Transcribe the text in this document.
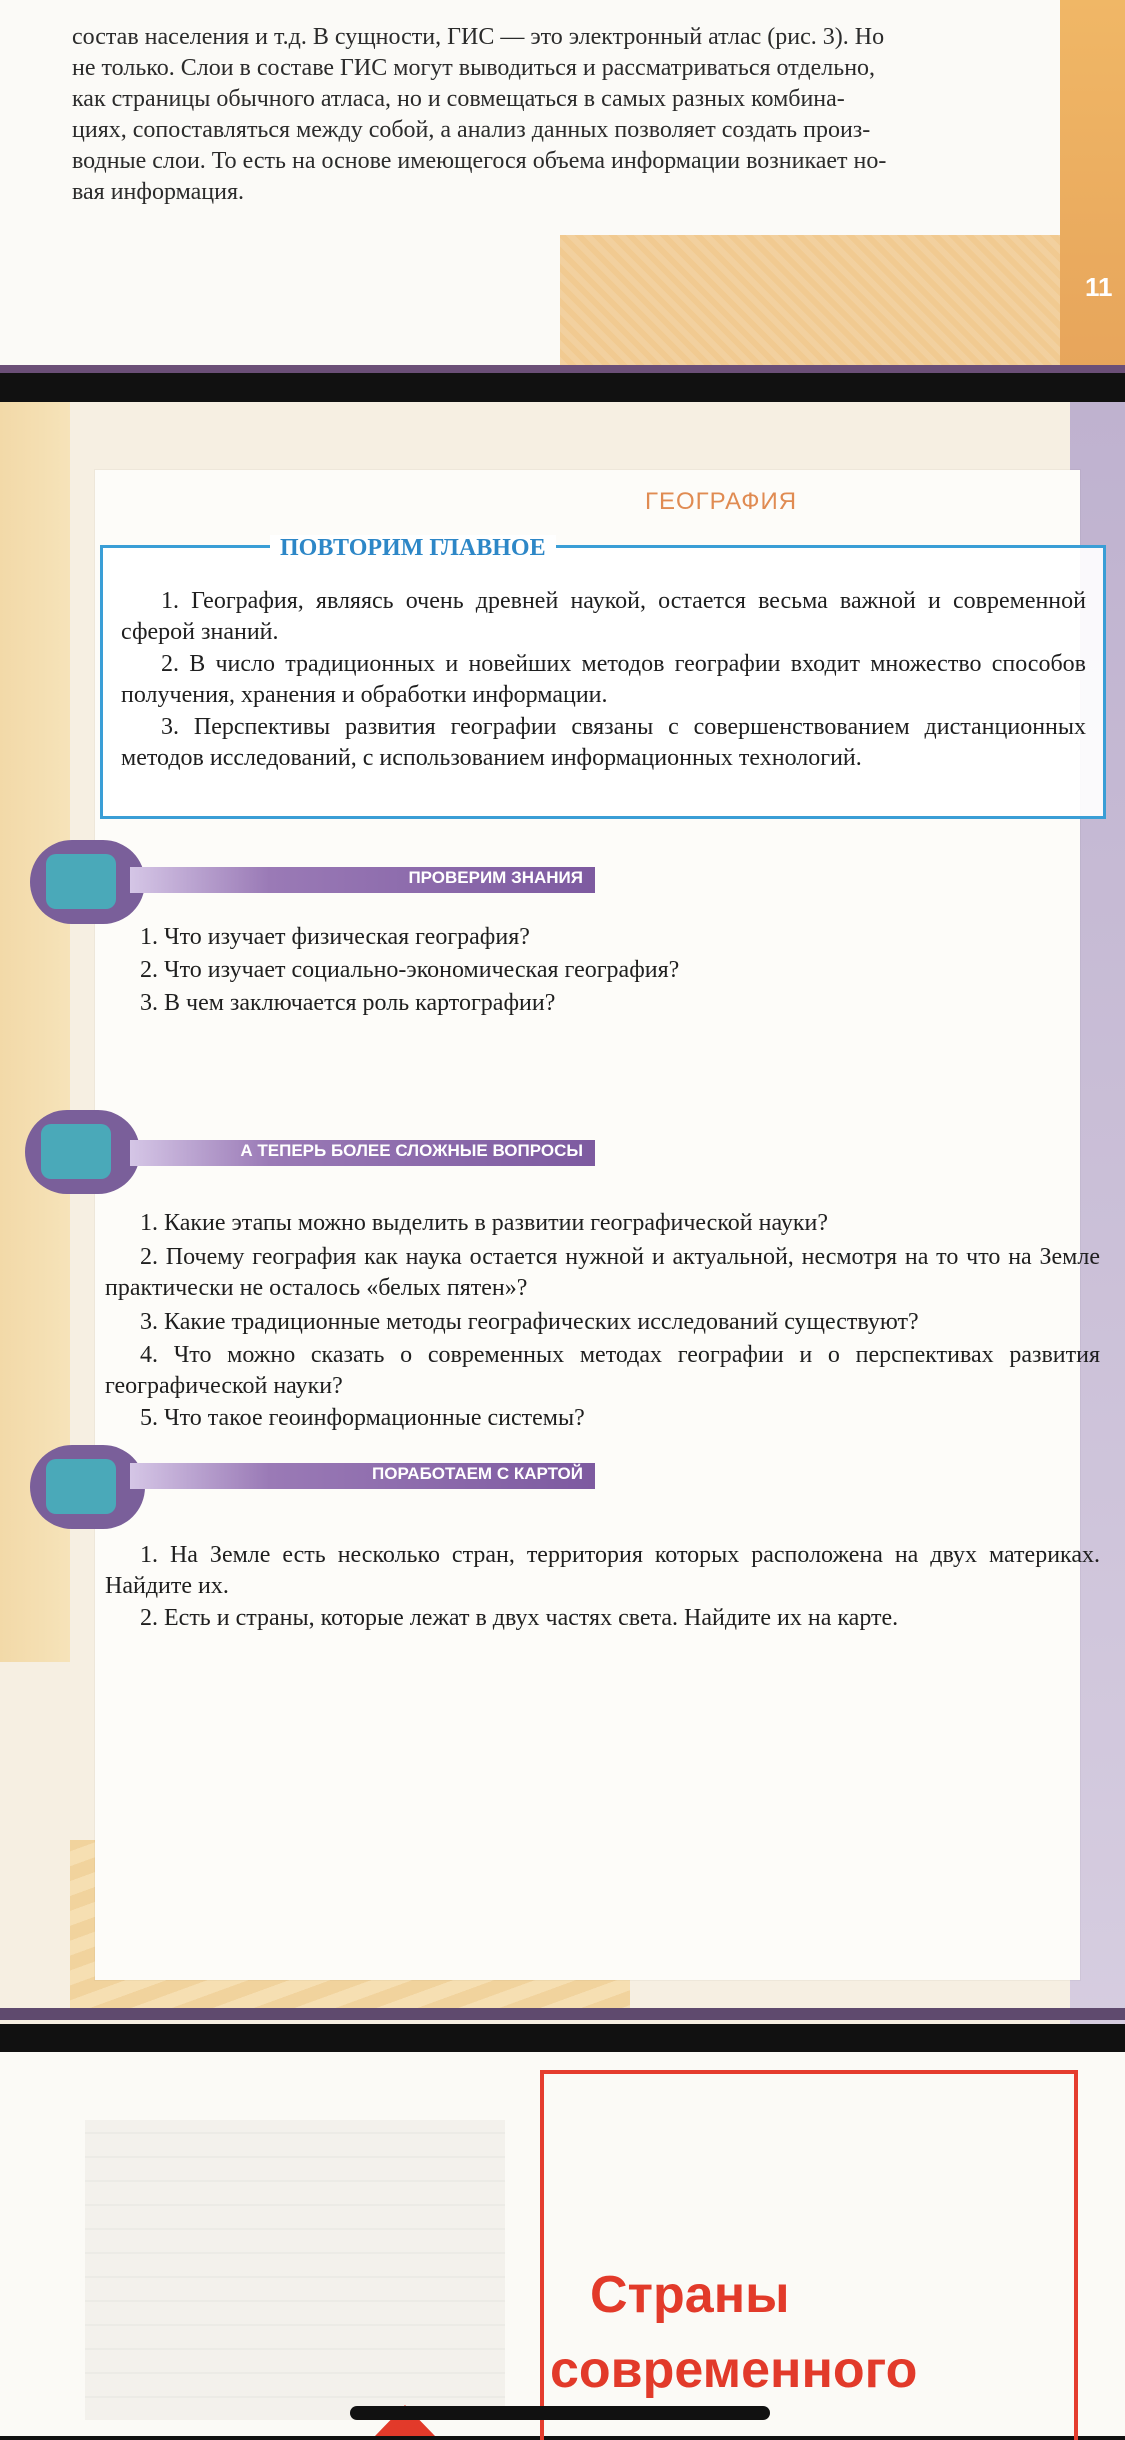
состав населения и т.д. В сущности, ГИС — это электронный атлас (рис. 3). Но

не только. Слои в составе ГИС могут выводиться и рассматриваться отдельно,

как страницы обычного атласа, но и совмещаться в самых разных комбина-

циях, сопоставляться между собой, а анализ данных позволяет создать произ-

водные слои. То есть на основе имеющегося объема информации возникает но-

вая информация.

11
ГЕОГРАФИЯ
1. География, являясь очень древней наукой, остается весьма важной и современной сферой знаний.
2. В число традиционных и новейших методов географии входит множество способов получения, хранения и обработки информации.
3. Перспективы развития географии связаны с совершенствованием дистанционных методов исследований, с использованием информационных технологий.
ПОВТОРИМ ГЛАВНОЕ
ПРОВЕРИМ ЗНАНИЯ
1. Что изучает физическая география?
2. Что изучает социально-экономическая география?
3. В чем заключается роль картографии?
А ТЕПЕРЬ БОЛЕЕ СЛОЖНЫЕ ВОПРОСЫ
1. Какие этапы можно выделить в развитии географической науки?
2. Почему география как наука остается нужной и актуальной, несмотря на то что на Земле практически не осталось «белых пятен»?
3. Какие традиционные методы географических исследований существуют?
4. Что можно сказать о современных методах географии и о перспективах развития географической науки?
5. Что такое геоинформационные системы?
ПОРАБОТАЕМ С КАРТОЙ
1. На Земле есть несколько стран, территория которых расположена на двух материках. Найдите их.
2. Есть и страны, которые лежат в двух частях света. Найдите их на карте.
Страны
современного
